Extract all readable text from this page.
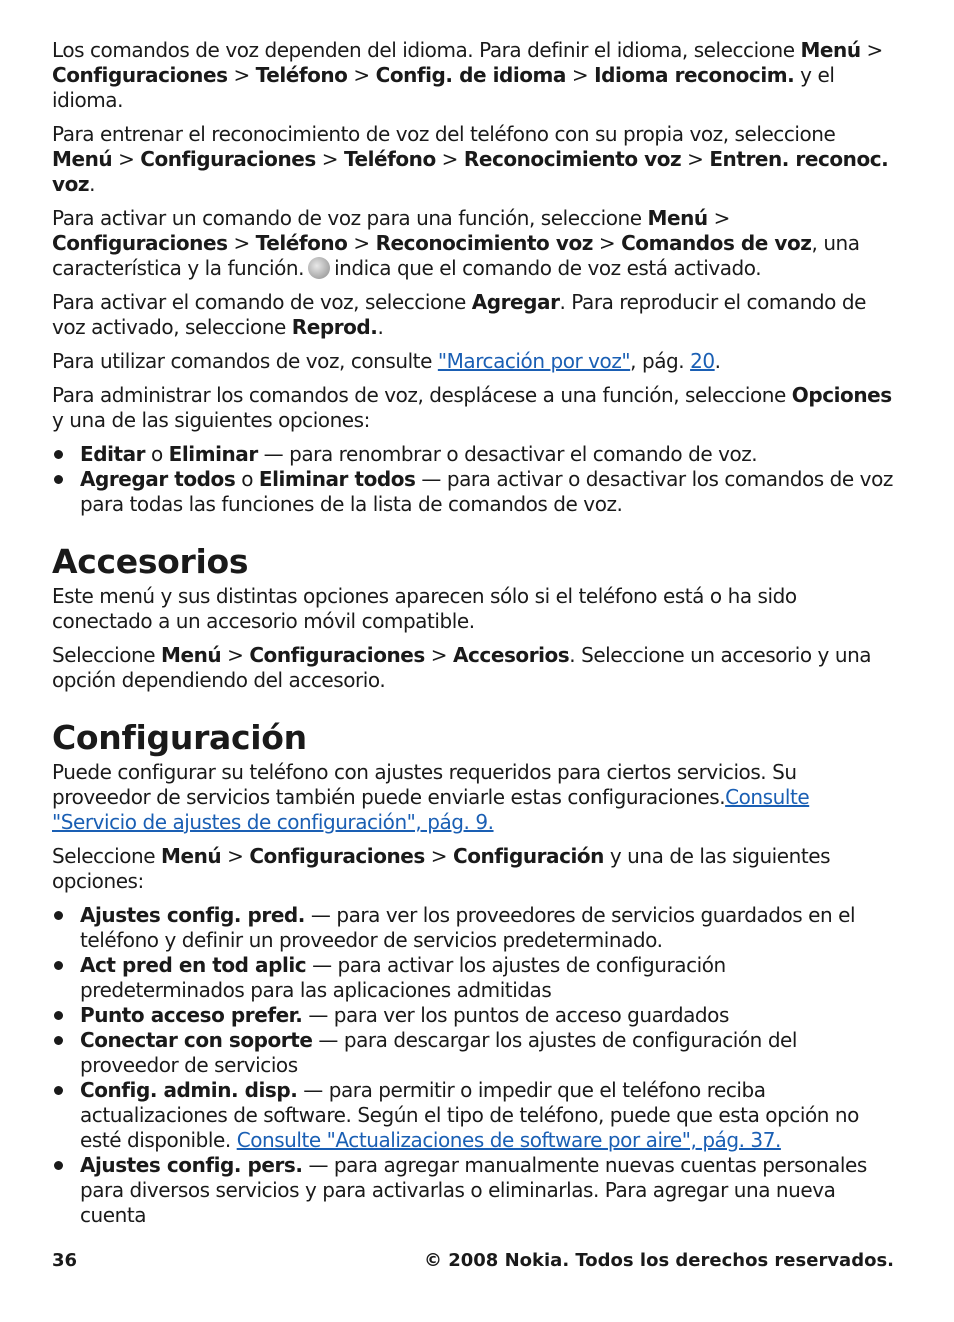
Los comandos de voz dependen del idioma. Para definir el idioma, seleccione Menú > Configuraciones > Teléfono > Config. de idioma > Idioma reconocim. y el idioma.

Para entrenar el reconocimiento de voz del teléfono con su propia voz, seleccione Menú > Configuraciones > Teléfono > Reconocimiento voz > Entren. reconoc. voz.

Para activar un comando de voz para una función, seleccione Menú > Configuraciones > Teléfono > Reconocimiento voz > Comandos de voz, una característica y la función. indica que el comando de voz está activado.

Para activar el comando de voz, seleccione Agregar. Para reproducir el comando de voz activado, seleccione Reprod..

Para utilizar comandos de voz, consulte "Marcación por voz", pág. 20.

Para administrar los comandos de voz, desplácese a una función, seleccione Opciones y una de las siguientes opciones:

Editar o Eliminar — para renombrar o desactivar el comando de voz.
Agregar todos o Eliminar todos — para activar o desactivar los comandos de voz para todas las funciones de la lista de comandos de voz.
Accesorios

Este menú y sus distintas opciones aparecen sólo si el teléfono está o ha sido conectado a un accesorio móvil compatible.

Seleccione Menú > Configuraciones > Accesorios. Seleccione un accesorio y una opción dependiendo del accesorio.

Configuración

Puede configurar su teléfono con ajustes requeridos para ciertos servicios. Su proveedor de servicios también puede enviarle estas configuraciones.Consulte "Servicio de ajustes de configuración", pág. 9.

Seleccione Menú > Configuraciones > Configuración y una de las siguientes opciones:

Ajustes config. pred. — para ver los proveedores de servicios guardados en el teléfono y definir un proveedor de servicios predeterminado.
Act pred en tod aplic — para activar los ajustes de configuración predeterminados para las aplicaciones admitidas
Punto acceso prefer. — para ver los puntos de acceso guardados
Conectar con soporte — para descargar los ajustes de configuración del proveedor de servicios
Config. admin. disp. — para permitir o impedir que el teléfono reciba actualizaciones de software. Según el tipo de teléfono, puede que esta opción no esté disponible. Consulte "Actualizaciones de software por aire", pág. 37.
Ajustes config. pers. — para agregar manualmente nuevas cuentas personales para diversos servicios y para activarlas o eliminarlas. Para agregar una nueva cuenta
36	© 2008 Nokia. Todos los derechos reservados.
